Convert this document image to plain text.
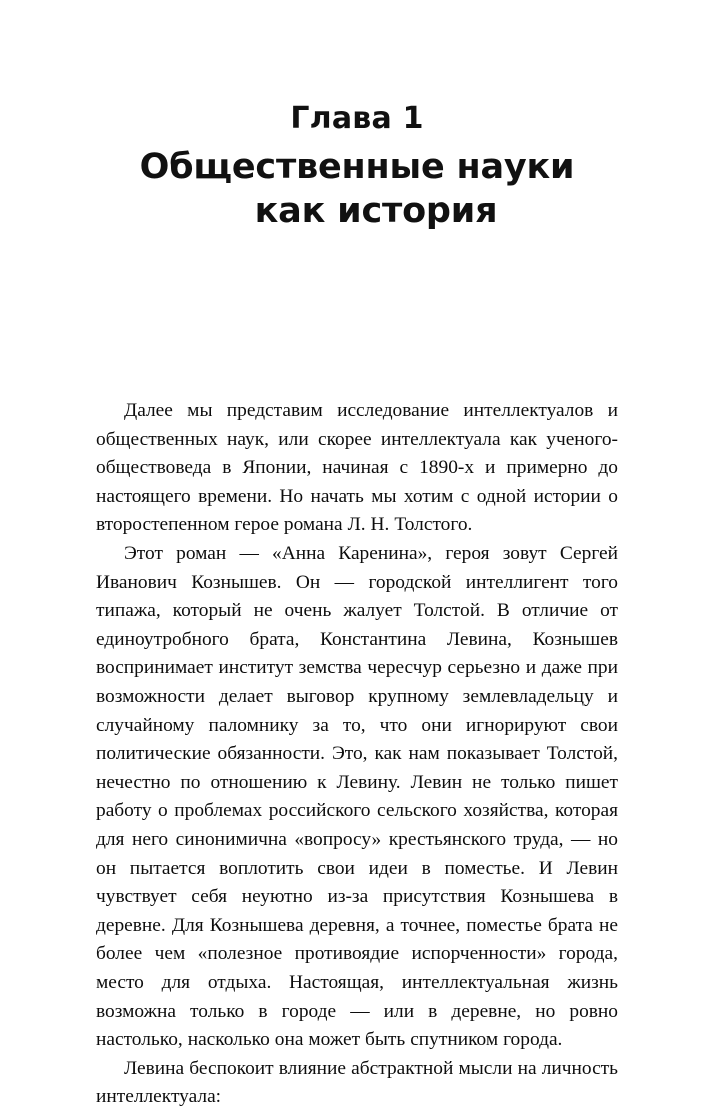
Глава 1
Общественные науки
как история

Далее мы представим исследование интеллектуалов и общественных наук, или скорее интеллектуала как ученого-обществоведа в Японии, начиная с 1890-х и примерно до настоящего времени. Но начать мы хотим с одной истории о второстепенном герое романа Л. Н. Толстого.

Этот роман — «Анна Каренина», героя зовут Сергей Иванович Кознышев. Он — городской интеллигент того типажа, который не очень жалует Толстой. В отличие от единоутробного брата, Константина Левина, Кознышев воспринимает институт земства чересчур серьезно и даже при возможности делает выговор крупному землевладельцу и случайному паломнику за то, что они игнорируют свои политические обязанности. Это, как нам показывает Толстой, нечестно по отношению к Левину. Левин не только пишет работу о проблемах российского сельского хозяйства, которая для него синонимична «вопросу» крестьянского труда, — но он пытается воплотить свои идеи в поместье. И Левин чувствует себя неуютно из-за присутствия Кознышева в деревне. Для Кознышева деревня, а точнее, поместье брата не более чем «полезное противоядие испорченности» города, место для отдыха. Настоящая, интеллектуальная жизнь возможна только в городе — или в деревне, но ровно настолько, насколько она может быть спутником города.

Левина беспокоит влияние абстрактной мысли на личность интеллектуала:
